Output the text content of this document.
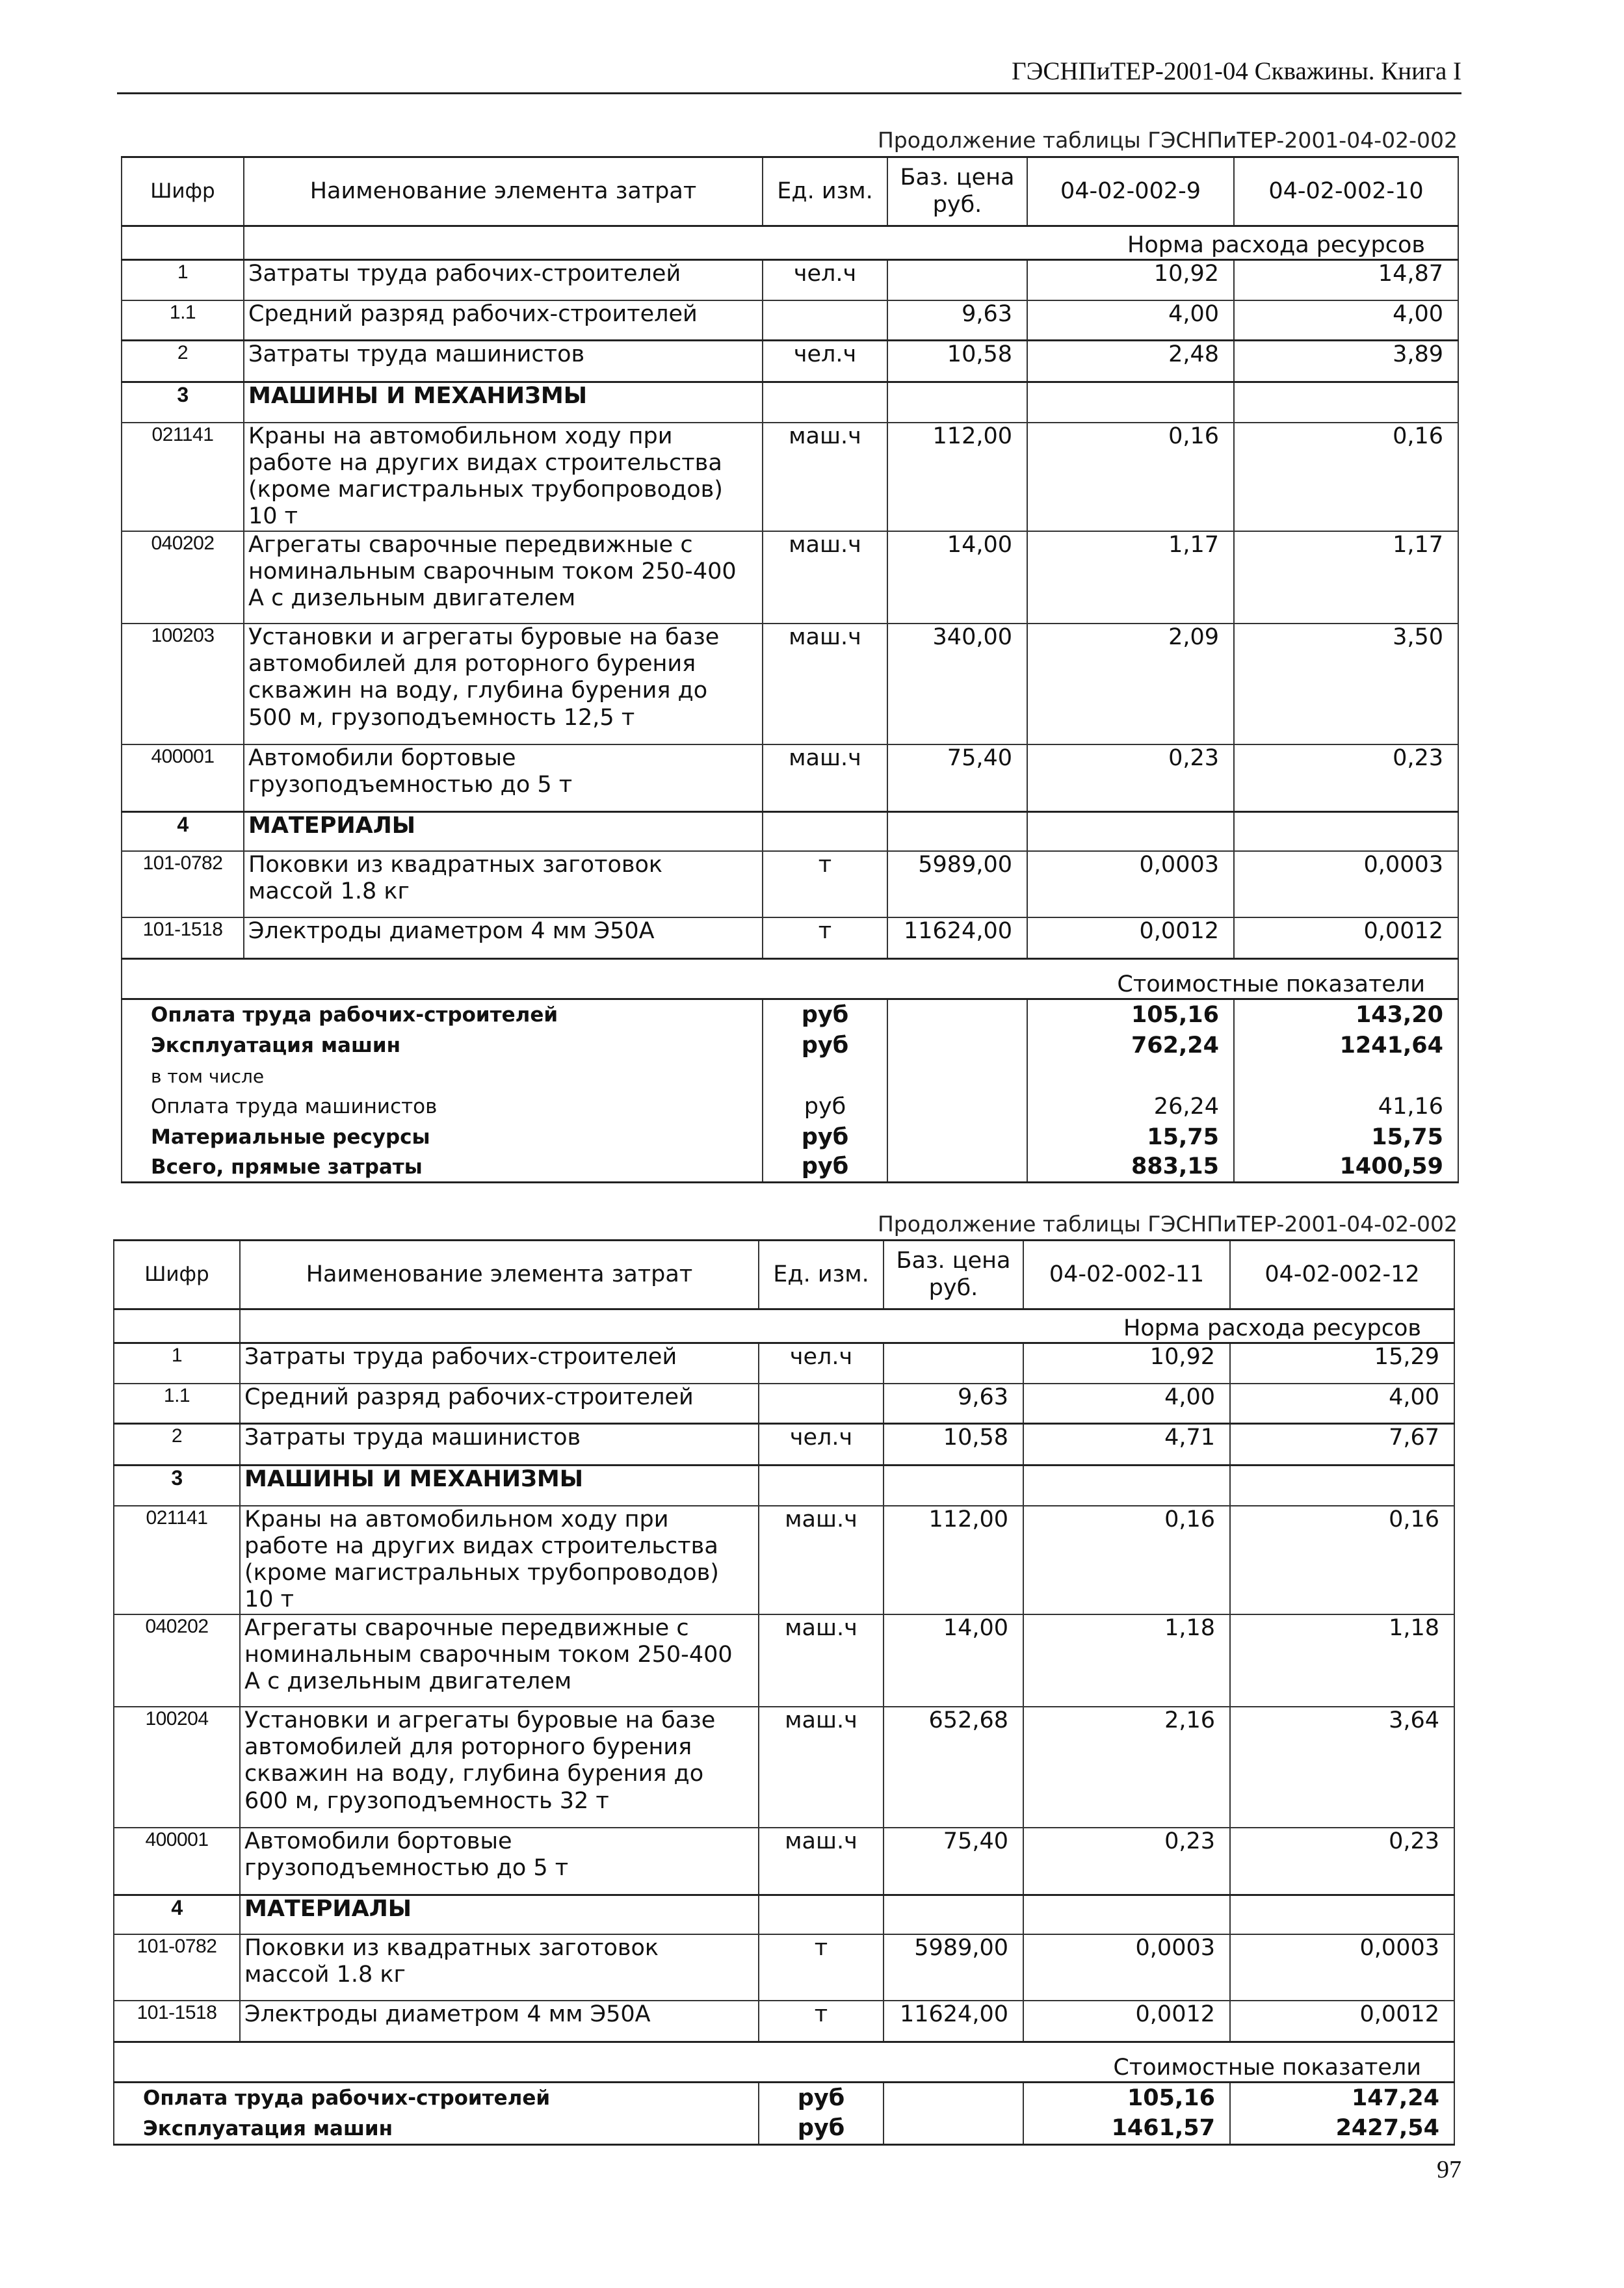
ГЭСНПиТЕР-2001-04 Скважины. Книга I
Продолжение таблицы ГЭСНПиТЕР-2001-04-02-002
Шифр	Наименование элемента затрат	Ед. изм.	Баз. цена руб.	04-02-002-9	04-02-002-10
	Норма расхода ресурсов				
1	Затраты труда рабочих-строителей	чел.ч		10,92	14,87
1.1	Средний разряд рабочих-строителей		9,63	4,00	4,00
2	Затраты труда машинистов	чел.ч	10,58	2,48	3,89
3	МАШИНЫ И МЕХАНИЗМЫ				
021141	Краны на автомобильном ходу при работе на других видах строительства (кроме магистральных трубопроводов) 10 т	маш.ч	112,00	0,16	0,16
040202	Агрегаты сварочные передвижные с номинальным сварочным током 250-400 А с дизельным двигателем	маш.ч	14,00	1,17	1,17
100203	Установки и агрегаты буровые на базе автомобилей для роторного бурения скважин на воду, глубина бурения до 500 м, грузоподъемность 12,5 т	маш.ч	340,00	2,09	3,50
400001	Автомобили бортовые грузоподъемностью до 5 т	маш.ч	75,40	0,23	0,23
4	МАТЕРИАЛЫ				
101-0782	Поковки из квадратных заготовок массой 1.8 кг	т	5989,00	0,0003	0,0003
101-1518	Электроды диаметром 4 мм Э50А	т	11624,00	0,0012	0,0012
Стоимостные показатели					
Оплата труда рабочих-строителей		руб		105,16	143,20
Эксплуатация машин		руб		762,24	1241,64
в том числе					
Оплата труда машинистов		руб		26,24	41,16
Материальные ресурсы		руб		15,75	15,75
Всего, прямые затраты		руб		883,15	1400,59
Продолжение таблицы ГЭСНПиТЕР-2001-04-02-002
Шифр	Наименование элемента затрат	Ед. изм.	Баз. цена руб.	04-02-002-11	04-02-002-12
	Норма расхода ресурсов				
1	Затраты труда рабочих-строителей	чел.ч		10,92	15,29
1.1	Средний разряд рабочих-строителей		9,63	4,00	4,00
2	Затраты труда машинистов	чел.ч	10,58	4,71	7,67
3	МАШИНЫ И МЕХАНИЗМЫ				
021141	Краны на автомобильном ходу при работе на других видах строительства (кроме магистральных трубопроводов) 10 т	маш.ч	112,00	0,16	0,16
040202	Агрегаты сварочные передвижные с номинальным сварочным током 250-400 А с дизельным двигателем	маш.ч	14,00	1,18	1,18
100204	Установки и агрегаты буровые на базе автомобилей для роторного бурения скважин на воду, глубина бурения до 600 м, грузоподъемность 32 т	маш.ч	652,68	2,16	3,64
400001	Автомобили бортовые грузоподъемностью до 5 т	маш.ч	75,40	0,23	0,23
4	МАТЕРИАЛЫ				
101-0782	Поковки из квадратных заготовок массой 1.8 кг	т	5989,00	0,0003	0,0003
101-1518	Электроды диаметром 4 мм Э50А	т	11624,00	0,0012	0,0012
Стоимостные показатели					
Оплата труда рабочих-строителей		руб		105,16	147,24
Эксплуатация машин		руб		1461,57	2427,54
97
